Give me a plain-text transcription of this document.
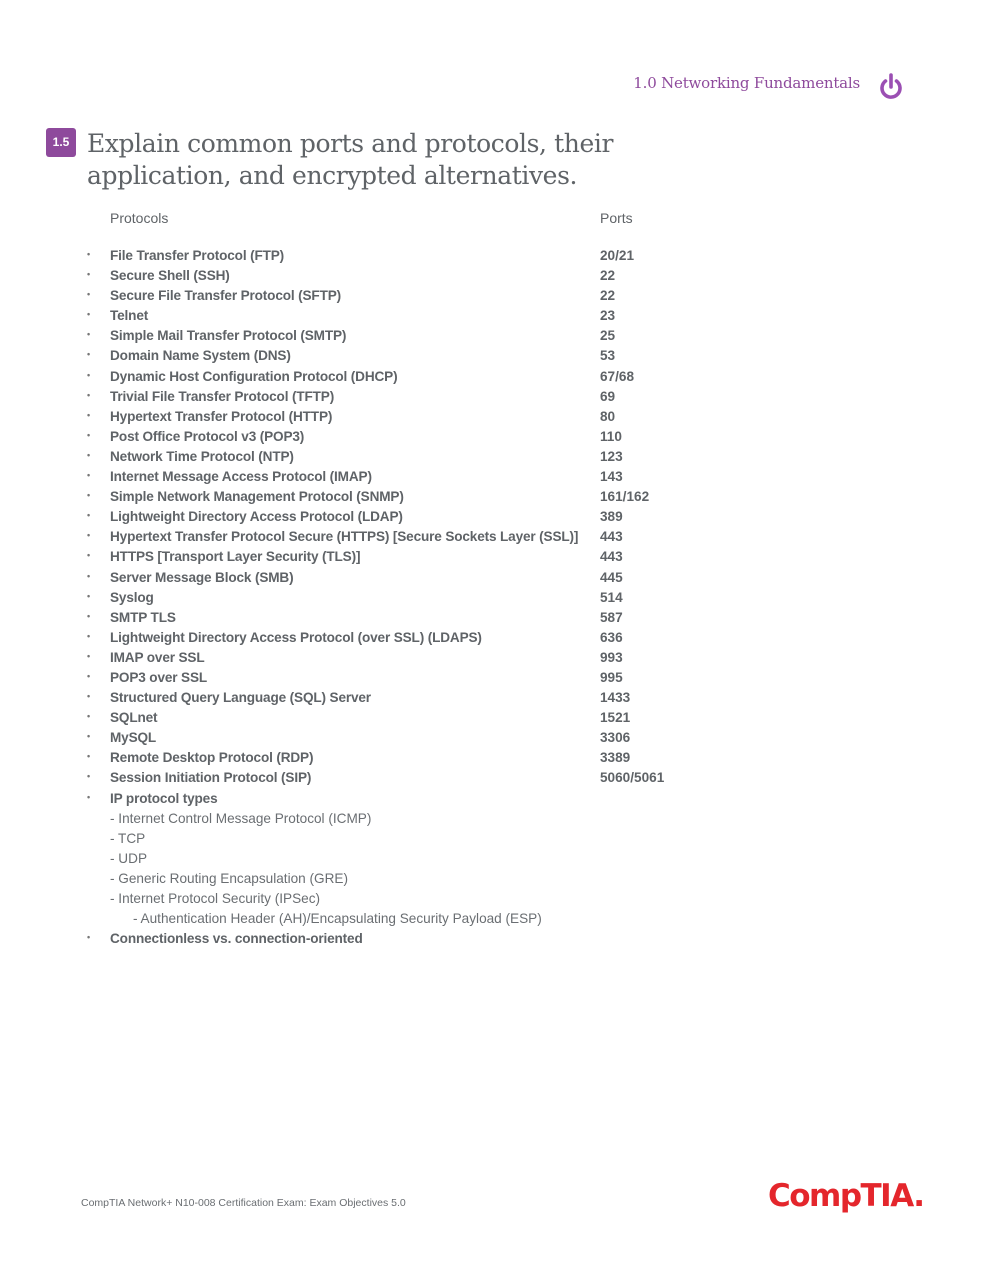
1.0 Networking Fundamentals
1.5 Explain common ports and protocols, their application, and encrypted alternatives.
Protocols	Ports
• File Transfer Protocol (FTP)	20/21
• Secure Shell (SSH)	22
• Secure File Transfer Protocol (SFTP)	22
• Telnet	23
• Simple Mail Transfer Protocol (SMTP)	25
• Domain Name System (DNS)	53
• Dynamic Host Configuration Protocol (DHCP)	67/68
• Trivial File Transfer Protocol (TFTP)	69
• Hypertext Transfer Protocol (HTTP)	80
• Post Office Protocol v3 (POP3)	110
• Network Time Protocol (NTP)	123
• Internet Message Access Protocol (IMAP)	143
• Simple Network Management Protocol (SNMP)	161/162
• Lightweight Directory Access Protocol (LDAP)	389
• Hypertext Transfer Protocol Secure (HTTPS) [Secure Sockets Layer (SSL)] 443
• HTTPS [Transport Layer Security (TLS)]	443
• Server Message Block (SMB)	445
• Syslog	514
• SMTP TLS	587
• Lightweight Directory Access Protocol (over SSL) (LDAPS)	636
• IMAP over SSL	993
• POP3 over SSL	995
• Structured Query Language (SQL) Server	1433
• SQLnet	1521
• MySQL	3306
• Remote Desktop Protocol (RDP)	3389
• Session Initiation Protocol (SIP)	5060/5061
• IP protocol types
- Internet Control Message Protocol (ICMP)
- TCP
- UDP
- Generic Routing Encapsulation (GRE)
- Internet Protocol Security (IPSec)
- Authentication Header (AH)/Encapsulating Security Payload (ESP)
• Connectionless vs. connection-oriented
CompTIA Network+ N10-008 Certification Exam: Exam Objectives 5.0	CompTIA.
